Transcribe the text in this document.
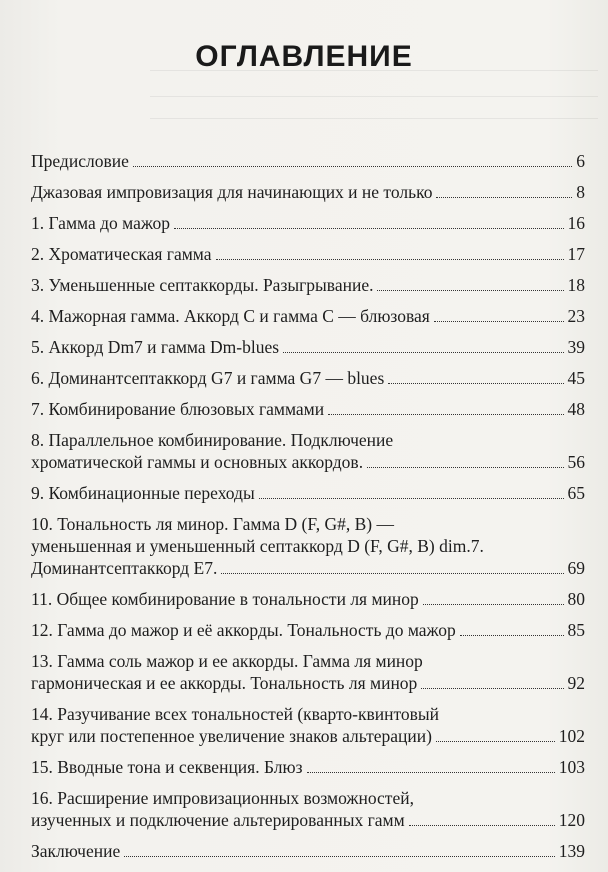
ОГЛАВЛЕНИЕ
Предисловие	6
Джазовая импровизация для начинающих и не только	8
1. Гамма до мажор	16
2. Хроматическая гамма	17
3. Уменьшенные септаккорды. Разыгрывание.	18
4. Мажорная гамма. Аккорд С и гамма С — блюзовая	23
5. Аккорд Dm7 и гамма Dm-blues	39
6. Доминантсептаккорд G7 и гамма G7 — blues	45
7. Комбинирование блюзовых гаммами	48
8. Параллельное комбинирование. Подключение
хроматической гаммы и основных аккордов.	56
9. Комбинационные переходы	65
10. Тональность ля минор. Гамма D (F, G#, B) —
уменьшенная и уменьшенный септаккорд D (F, G#, B) dim.7.
Доминантсептаккорд Е7.	69
11. Общее комбинирование в тональности ля минор	80
12. Гамма до мажор и её аккорды. Тональность до мажор	85
13. Гамма соль мажор и ее аккорды. Гамма ля минор
гармоническая и ее аккорды. Тональность ля минор	92
14. Разучивание всех тональностей (кварто-квинтовый
круг или постепенное увеличение знаков альтерации)	102
15. Вводные тона и секвенция. Блюз	103
16. Расширение импровизационных возможностей,
изученных и подключение альтерированных гамм	120
Заключение	139
